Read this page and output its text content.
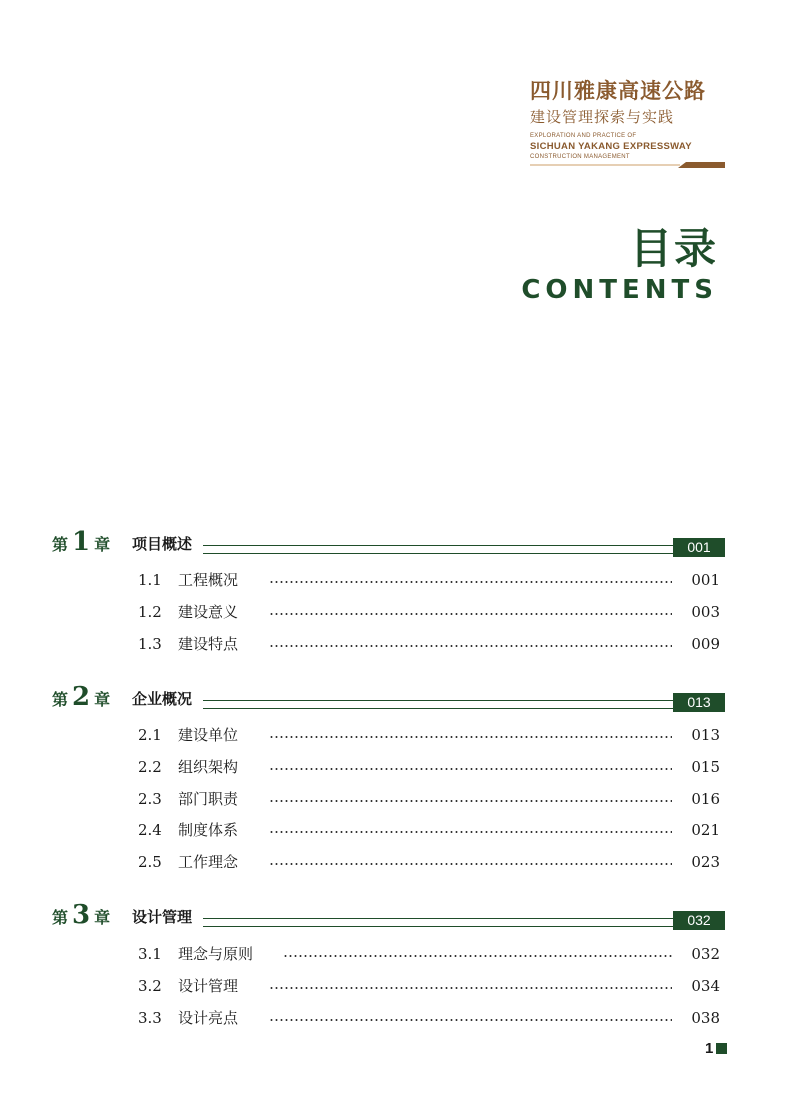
四川雅康高速公路
建设管理探索与实践
EXPLORATION AND PRACTICE OF
SICHUAN YAKANG EXPRESSWAY
CONSTRUCTION MANAGEMENT
目录
CONTENTS
第 1 章 项目概述	001
1.1	工程概况	001
1.2	建设意义	003
1.3	建设特点	009
第 2 章 企业概况	013
2.1	建设单位	013
2.2	组织架构	015
2.3	部门职责	016
2.4	制度体系	021
2.5	工作理念	023
第 3 章 设计管理	032
3.1	理念与原则	032
3.2	设计管理	034
3.3	设计亮点	038
1
